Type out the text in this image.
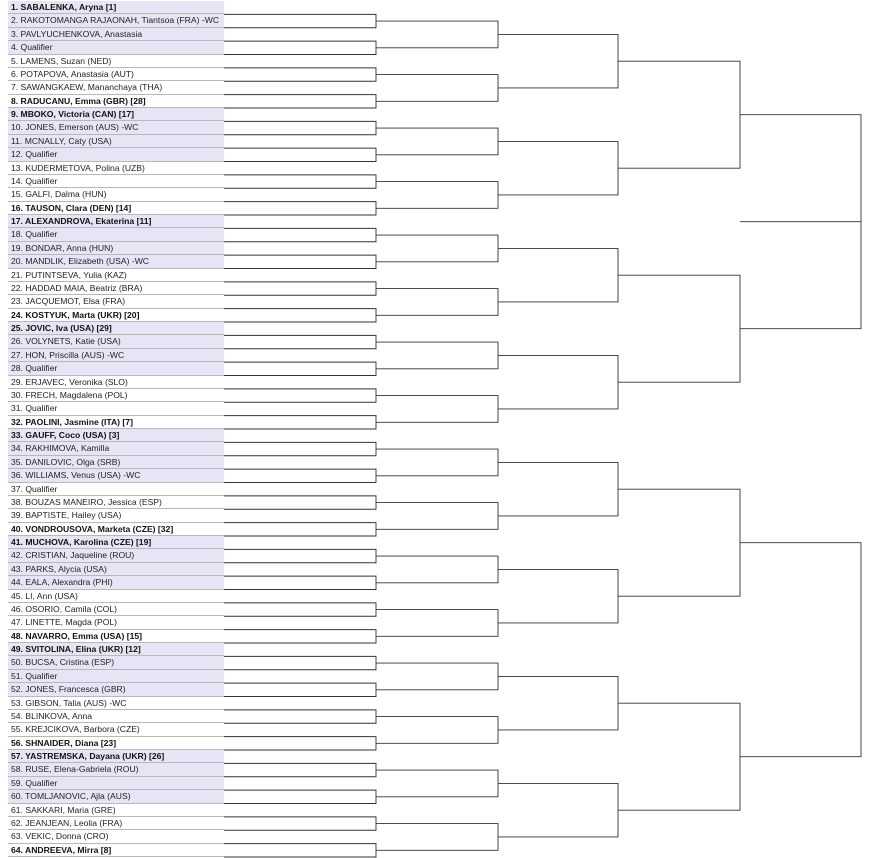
1. SABALENKA, Aryna [1]
2. RAKOTOMANGA RAJAONAH, Tiantsoa (FRA) -WC
3. PAVLYUCHENKOVA, Anastasia
4. Qualifier
5. LAMENS, Suzan (NED)
6. POTAPOVA, Anastasia (AUT)
7. SAWANGKAEW, Mananchaya (THA)
8. RADUCANU, Emma (GBR) [28]
9. MBOKO, Victoria (CAN) [17]
10. JONES, Emerson (AUS) -WC
11. MCNALLY, Caty (USA)
12. Qualifier
13. KUDERMETOVA, Polina (UZB)
14. Qualifier
15. GALFI, Dalma (HUN)
16. TAUSON, Clara (DEN) [14]
17. ALEXANDROVA, Ekaterina [11]
18. Qualifier
19. BONDAR, Anna (HUN)
20. MANDLIK, Elizabeth (USA) -WC
21. PUTINTSEVA, Yulia (KAZ)
22. HADDAD MAIA, Beatriz (BRA)
23. JACQUEMOT, Elsa (FRA)
24. KOSTYUK, Marta (UKR) [20]
25. JOVIC, Iva (USA) [29]
26. VOLYNETS, Katie (USA)
27. HON, Priscilla (AUS) -WC
28. Qualifier
29. ERJAVEC, Veronika (SLO)
30. FRECH, Magdalena (POL)
31. Qualifier
32. PAOLINI, Jasmine (ITA) [7]
33. GAUFF, Coco (USA) [3]
34. RAKHIMOVA, Kamilla
35. DANILOVIC, Olga (SRB)
36. WILLIAMS, Venus (USA) -WC
37. Qualifier
38. BOUZAS MANEIRO, Jessica (ESP)
39. BAPTISTE, Hailey (USA)
40. VONDROUSOVA, Marketa (CZE) [32]
41. MUCHOVA, Karolina (CZE) [19]
42. CRISTIAN, Jaqueline (ROU)
43. PARKS, Alycia (USA)
44. EALA, Alexandra (PHI)
45. LI, Ann (USA)
46. OSORIO, Camila (COL)
47. LINETTE, Magda (POL)
48. NAVARRO, Emma (USA) [15]
49. SVITOLINA, Elina (UKR) [12]
50. BUCSA, Cristina (ESP)
51. Qualifier
52. JONES, Francesca (GBR)
53. GIBSON, Talia (AUS) -WC
54. BLINKOVA, Anna
55. KREJCIKOVA, Barbora (CZE)
56. SHNAIDER, Diana [23]
57. YASTREMSKA, Dayana (UKR) [26]
58. RUSE, Elena-Gabriela (ROU)
59. Qualifier
60. TOMLJANOVIC, Ajla (AUS)
61. SAKKARI, Maria (GRE)
62. JEANJEAN, Leolia (FRA)
63. VEKIC, Donna (CRO)
64. ANDREEVA, Mirra [8]
